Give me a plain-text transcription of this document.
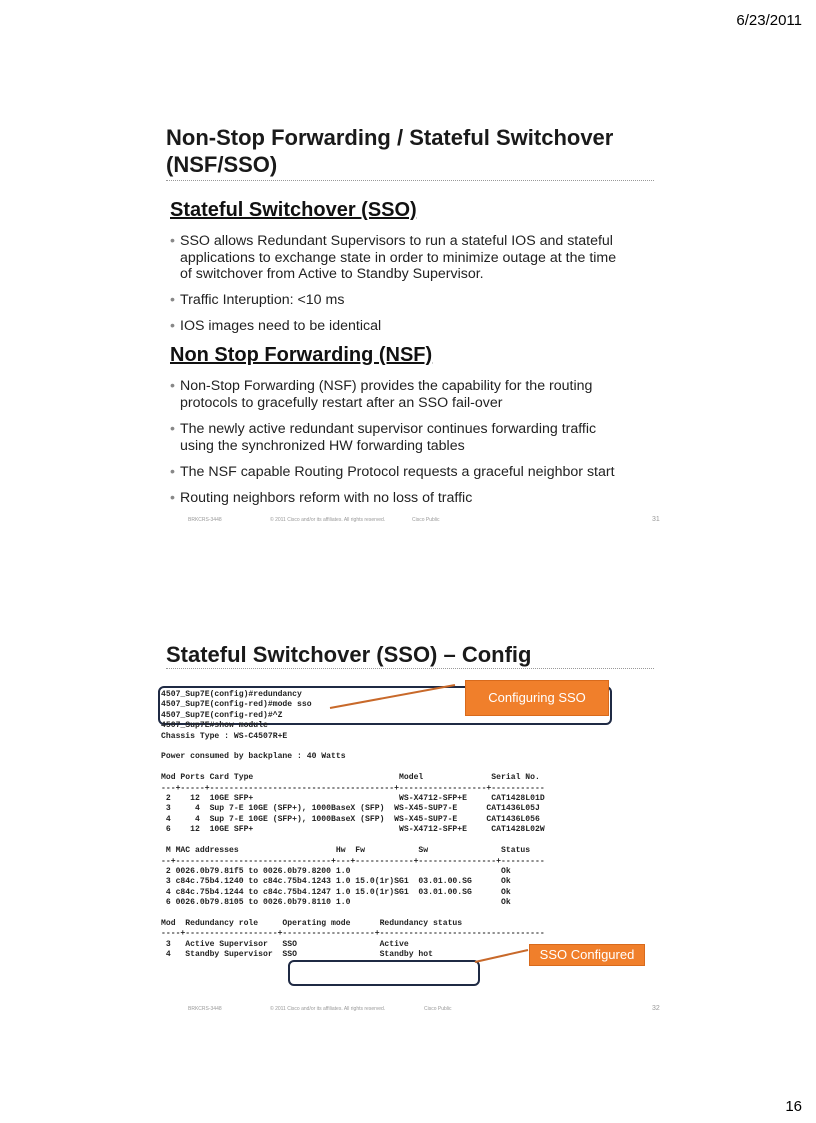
6/23/2011
16
Non-Stop Forwarding / Stateful Switchover
(NSF/SSO)
Stateful Switchover (SSO)
• SSO allows Redundant Supervisors to run a stateful IOS and stateful
applications to exchange state in order to minimize outage at the time
of switchover from Active to Standby Supervisor.
• Traffic Interuption: <10 ms
• IOS images need to be identical
Non Stop Forwarding (NSF)
• Non-Stop Forwarding (NSF) provides the capability for the routing
protocols to gracefully restart after an SSO fail-over
• The newly active redundant supervisor continues forwarding traffic
using the synchronized HW forwarding tables
• The NSF capable Routing Protocol requests a graceful neighbor start
• Routing neighbors reform with no loss of traffic
BRKCRS-3448	© 2011 Cisco and/or its affiliates. All rights reserved.	Cisco Public	31
Stateful Switchover (SSO) – Config
4507_Sup7E(config)#redundancy
4507_Sup7E(config-red)#mode sso
4507_Sup7E(config-red)#^Z
4507_Sup7E#show module
Chassis Type : WS-C4507R+E

Power consumed by backplane : 40 Watts

Mod Ports Card Type                              Model              Serial No.
---+-----+--------------------------------------+------------------+-----------
2    12  10GE SFP+                              WS-X4712-SFP+E     CAT1428L01D
3     4  Sup 7-E 10GE (SFP+), 1000BaseX (SFP)  WS-X45-SUP7-E      CAT1436L05J
4     4  Sup 7-E 10GE (SFP+), 1000BaseX (SFP)  WS-X45-SUP7-E      CAT1436L056
6    12  10GE SFP+                              WS-X4712-SFP+E     CAT1428L02W

M MAC addresses                    Hw  Fw           Sw               Status
--+--------------------------------+---+------------+----------------+---------
2 0026.0b79.81f5 to 0026.0b79.8200 1.0                               Ok
3 c84c.75b4.1240 to c84c.75b4.1243 1.0 15.0(1r)SG1  03.01.00.SG      Ok
4 c84c.75b4.1244 to c84c.75b4.1247 1.0 15.0(1r)SG1  03.01.00.SG      Ok
6 0026.0b79.8105 to 0026.0b79.8110 1.0                               Ok

Mod  Redundancy role     Operating mode      Redundancy status
----+-------------------+-------------------+----------------------------------
3   Active Supervisor   SSO                 Active
4   Standby Supervisor  SSO                 Standby hot
Configuring SSO
SSO Configured
BRKCRS-3448	© 2011 Cisco and/or its affiliates. All rights reserved.	Cisco Public	32
